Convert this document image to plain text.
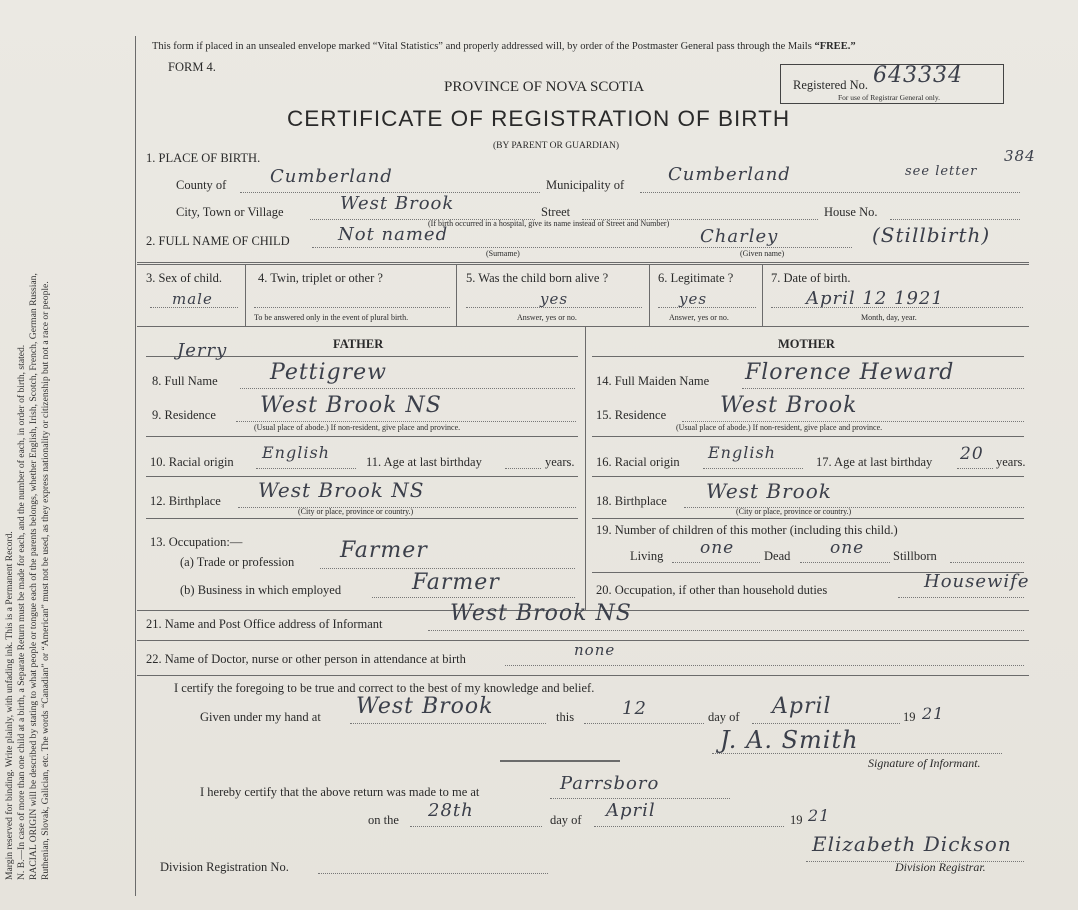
Margin reserved for binding. Write plainly, with unfading ink. This is a Permanent Record. N. B.—In case of more than one child at a birth, a Separate Return must be made for each, and the number of each, in order of birth, stated. RACIAL ORIGIN will be described by stating to what people or tongue each of the parents belongs, whether English, Irish, Scotch, French, German Russian, Ruthenian, Slovak, Galician, etc. The words “Canadian” or “American” must not be used, as they express nationality or citizenship but not a race or people.
This form if placed in an unsealed envelope marked “Vital Statistics” and properly addressed will, by order of the Postmaster General pass through the Mails “FREE.”
FORM 4.
PROVINCE OF NOVA SCOTIA
CERTIFICATE OF REGISTRATION OF BIRTH
(BY PARENT OR GUARDIAN)
Registered No. 643334
For use of Registrar General only.
1. PLACE OF BIRTH.	384
County of Cumberland	Municipality of Cumberland	see letter
City, Town or Village	West Brook	Street	House No.
(If birth occurred in a hospital, give its name instead of Street and Number)
2. FULL NAME OF CHILD	Not named	Charley	(Stillbirth)
(Surname)	(Given name)
3. Sex of child.
male
4. Twin, triplet or other ?
To be answered only in the event of plural birth.
5. Was the child born alive ?
yes
Answer, yes or no.
6. Legitimate ?
yes
Answer, yes or no.
7. Date of birth.
April 12 1921
Month, day, year.
FATHER	MOTHER
Jerry
8. Full Name Pettigrew
9. Residence West Brook NS
(Usual place of abode.) If non-resident, give place and province.
10. Racial origin English	11. Age at last birthday	years.
12. Birthplace West Brook NS
(City or place, province or country.)
13. Occupation:—
(a) Trade or profession Farmer
(b) Business in which employed	Farmer
14. Full Maiden Name Florence Heward
15. Residence West Brook
(Usual place of abode.) If non-resident, give place and province.
16. Racial origin English	17. Age at last birthday 20 years.
18. Birthplace West Brook
(City or place, province or country.)
19. Number of children of this mother (including this child.)
Living one Dead one Stillborn
20. Occupation, if other than household duties	Housewife
21. Name and Post Office address of Informant	West Brook NS
22. Name of Doctor, nurse or other person in attendance at birth	none
I certify the foregoing to be true and correct to the best of my knowledge and belief.
Given under my hand at West Brook	this	12	day of April	19 21
J. A. Smith
Signature of Informant.
I hereby certify that the above return was made to me at	Parrsboro
on the 28th	day of April	19 21
Division Registration No.
Elizabeth Dickson
Division Registrar.
